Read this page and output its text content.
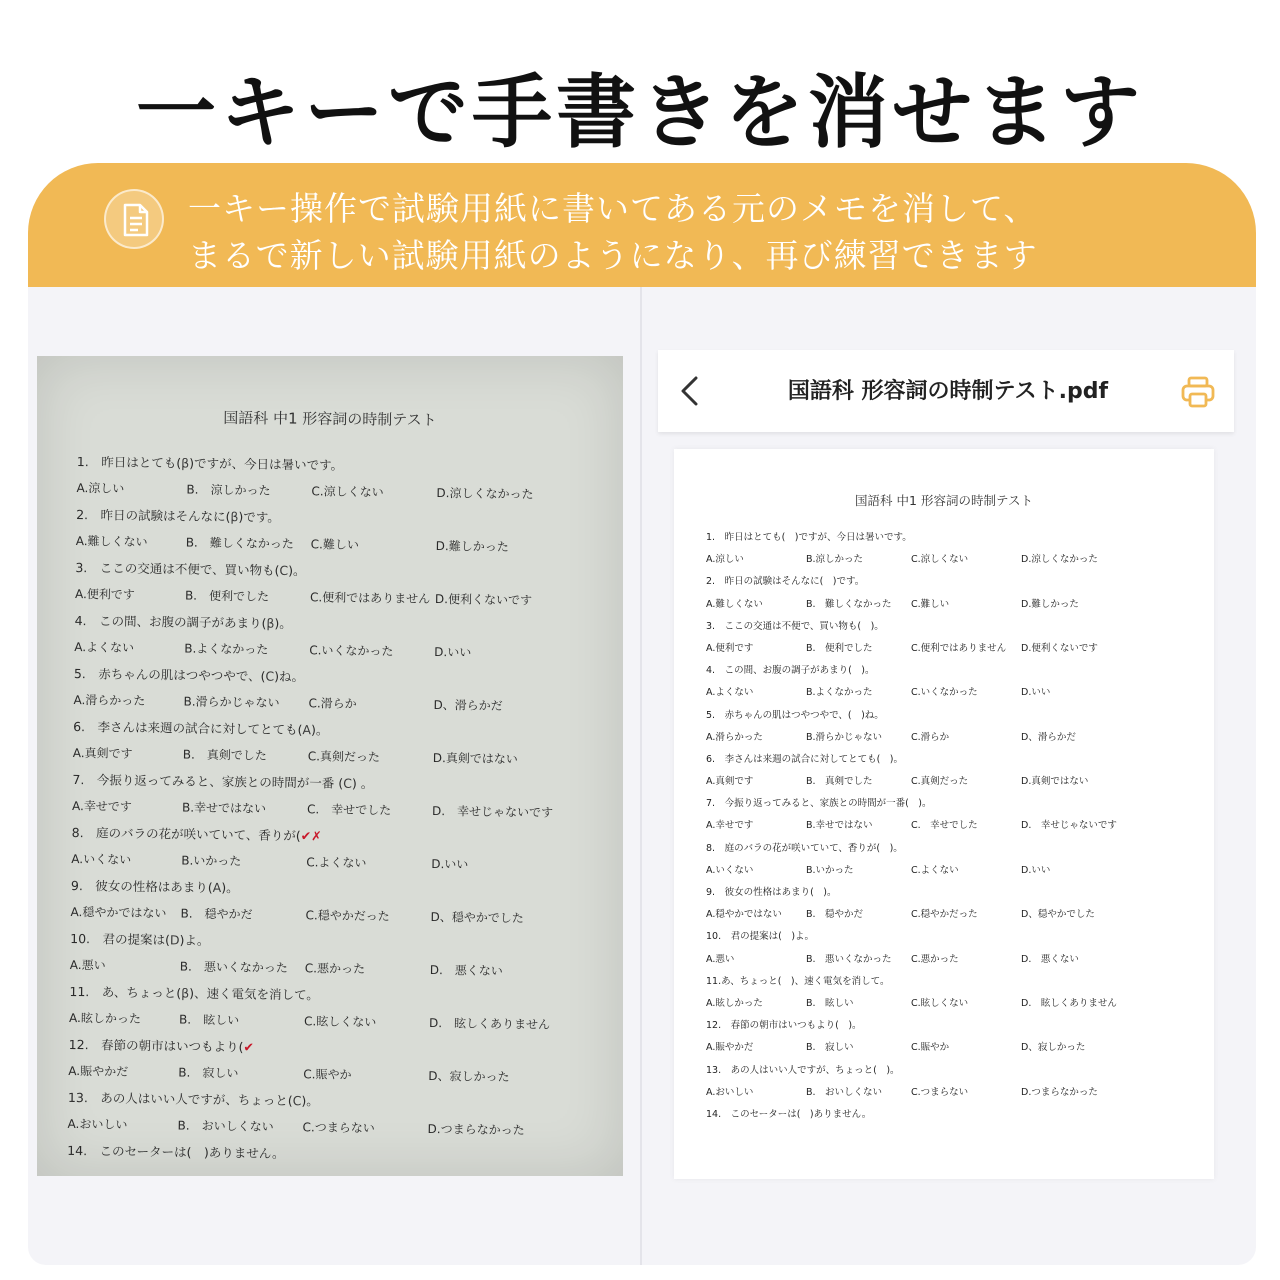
一キーで手書きを消せます
一キー操作で試験用紙に書いてある元のメモを消して、
まるで新しい試験用紙のようになり、再び練習できます
国語科 中1 形容詞の時制テスト
1.　昨日はとても(β)ですが、今日は暑いです。
A.涼しい	B.　涼しかった	C.涼しくない	D.涼しくなかった
2.　昨日の試験はそんなに(β)です。
A.難しくない	B.　難しくなかった C.難しい	D.難しかった
3.　ここの交通は不便で、買い物も(C)。
A.便利です	B.　便利でした	C.便利ではありません D.便利くないです
4.　この間、お腹の調子があまり(β)。
A.よくない	B.よくなかった	C.いくなかった	D.いい
5.　赤ちゃんの肌はつやつやで、(C)ね。
A.滑らかった	B.滑らかじゃない C.滑らか	D、滑らかだ
6.　李さんは来週の試合に対してとても(A)。
A.真剣です	B.　真剣でした	C.真剣だった	D.真剣ではない
7.　今振り返ってみると、家族との時間が一番 (C) 。
A.幸せです	B.幸せではない	C.　幸せでした	D.　幸せじゃないです
8.　庭のバラの花が咲いていて、香りが(✔✗
A.いくない	B.いかった	C.よくない	D.いい
9.　彼女の性格はあまり(A)。
A.穏やかではない B.　穏やかだ	C.穏やかだった	D、穏やかでした
10.　君の提案は(D)よ。
A.悪い	B.　悪いくなかった C.悪かった	D.　悪くない
11.　あ、ちょっと(β)、速く電気を消して。
A.眩しかった	B.　眩しい	C.眩しくない	D.　眩しくありません
12.　春節の朝市はいつもより(✔
A.賑やかだ	B.　寂しい	C.賑やか	D、寂しかった
13.　あの人はいい人ですが、ちょっと(C)。
A.おいしい	B.　おいしくない C.つまらない	D.つまらなかった
14.　このセーターは(　)ありません。
国語科 形容詞の時制テスト.pdf
国語科 中1 形容詞の時制テスト
1.　昨日はとても(　)ですが、今日は暑いです。
A.涼しい	B.涼しかった	C.涼しくない	D.涼しくなかった
2.　昨日の試験はそんなに(　)です。
A.難しくない	B.　難しくなかった C.難しい	D.難しかった
3.　ここの交通は不便で、買い物も(　)。
A.便利です	B.　便利でした	C.便利ではありません D.便利くないです
4.　この間、お腹の調子があまり(　)。
A.よくない	B.よくなかった	C.いくなかった	D.いい
5.　赤ちゃんの肌はつやつやで、(　)ね。
A.滑らかった	B.滑らかじゃない	C.滑らか	D、滑らかだ
6.　李さんは来週の試合に対してとても(　)。
A.真剣です	B.　真剣でした	C.真剣だった	D.真剣ではない
7.　今振り返ってみると、家族との時間が一番(　)。
A.幸せです	B.幸せではない	C.　幸せでした	D.　幸せじゃないです
8.　庭のバラの花が咲いていて、香りが(　)。
A.いくない	B.いかった	C.よくない	D.いい
9.　彼女の性格はあまり(　)。
A.穏やかではない	B.　穏やかだ	C.穏やかだった	D、穏やかでした
10.　君の提案は(　)よ。
A.悪い	B.　悪いくなかった C.悪かった	D.　悪くない
11.あ、ちょっと(　)、速く電気を消して。
A.眩しかった	B.　眩しい	C.眩しくない	D.　眩しくありません
12.　春節の朝市はいつもより(　)。
A.賑やかだ	B.　寂しい	C.賑やか	D、寂しかった
13.　あの人はいい人ですが、ちょっと(　)。
A.おいしい	B.　おいしくない	C.つまらない	D.つまらなかった
14.　このセーターは(　)ありません。
